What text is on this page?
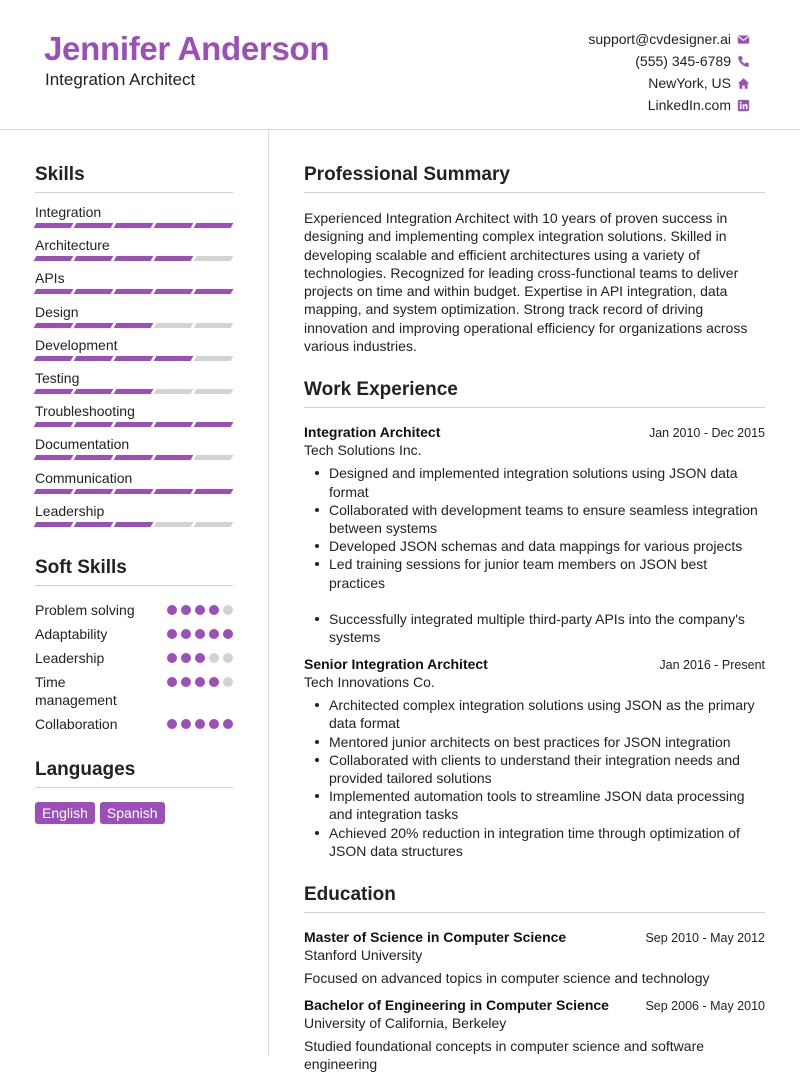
Jennifer Anderson
Integration Architect
support@cvdesigner.ai
(555) 345-6789
NewYork, US
LinkedIn.com
Skills
Integration
Architecture
APIs
Design
Development
Testing
Troubleshooting
Documentation
Communication
Leadership
Soft Skills
Problem solving
Adaptability
Leadership
Time management
Collaboration
Languages
English	Spanish
Professional Summary
Experienced Integration Architect with 10 years of proven success in designing and implementing complex integration solutions. Skilled in developing scalable and efficient architectures using a variety of technologies. Recognized for leading cross-functional teams to deliver projects on time and within budget. Expertise in API integration, data mapping, and system optimization. Strong track record of driving innovation and improving operational efficiency for organizations across various industries.
Work Experience
Integration Architect	Jan 2010 - Dec 2015
Tech Solutions Inc.
Designed and implemented integration solutions using JSON data format
Collaborated with development teams to ensure seamless integration between systems
Developed JSON schemas and data mappings for various projects
Led training sessions for junior team members on JSON best practices
Successfully integrated multiple third-party APIs into the company's systems
Senior Integration Architect	Jan 2016 - Present
Tech Innovations Co.
Architected complex integration solutions using JSON as the primary data format
Mentored junior architects on best practices for JSON integration
Collaborated with clients to understand their integration needs and provided tailored solutions
Implemented automation tools to streamline JSON data processing and integration tasks
Achieved 20% reduction in integration time through optimization of JSON data structures
Education
Master of Science in Computer Science	Sep 2010 - May 2012
Stanford University
Focused on advanced topics in computer science and technology
Bachelor of Engineering in Computer Science	Sep 2006 - May 2010
University of California, Berkeley
Studied foundational concepts in computer science and software engineering
